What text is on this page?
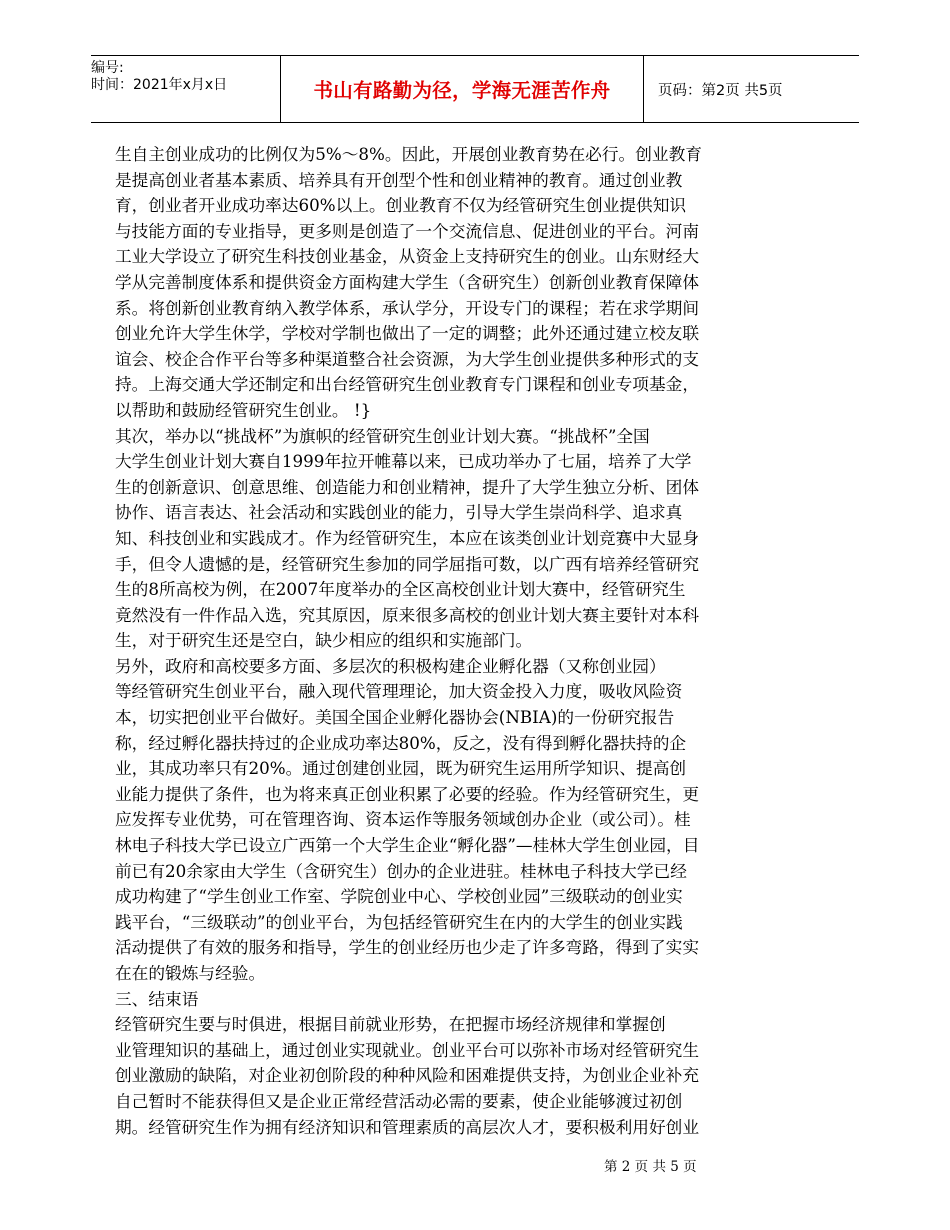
编号:
时间：2021年x月x日	书山有路勤为径，学海无涯苦作舟	页码：第2页 共5页
生自主创业成功的比例仅为5%～8%。因此，开展创业教育势在必行。创业教育
是提高创业者基本素质、培养具有开创型个性和创业精神的教育。通过创业教
育，创业者开业成功率达60%以上。创业教育不仅为经管研究生创业提供知识
与技能方面的专业指导，更多则是创造了一个交流信息、促进创业的平台。河南
工业大学设立了研究生科技创业基金，从资金上支持研究生的创业。山东财经大
学从完善制度体系和提供资金方面构建大学生（含研究生）创新创业教育保障体
系。将创新创业教育纳入教学体系，承认学分，开设专门的课程；若在求学期间
创业允许大学生休学，学校对学制也做出了一定的调整；此外还通过建立校友联
谊会、校企合作平台等多种渠道整合社会资源，为大学生创业提供多种形式的支
持。上海交通大学还制定和出台经管研究生创业教育专门课程和创业专项基金，
以帮助和鼓励经管研究生创业。 !}
其次，举办以“挑战杯”为旗帜的经管研究生创业计划大赛。“挑战杯”全国
大学生创业计划大赛自1999年拉开帷幕以来，已成功举办了七届，培养了大学
生的创新意识、创意思维、创造能力和创业精神，提升了大学生独立分析、团体
协作、语言表达、社会活动和实践创业的能力，引导大学生崇尚科学、追求真
知、科技创业和实践成才。作为经管研究生，本应在该类创业计划竞赛中大显身
手，但令人遗憾的是，经管研究生参加的同学屈指可数，以广西有培养经管研究
生的8所高校为例，在2007年度举办的全区高校创业计划大赛中，经管研究生
竟然没有一件作品入选，究其原因，原来很多高校的创业计划大赛主要针对本科
生，对于研究生还是空白，缺少相应的组织和实施部门。
另外，政府和高校要多方面、多层次的积极构建企业孵化器（又称创业园）
等经管研究生创业平台，融入现代管理理论，加大资金投入力度，吸收风险资
本，切实把创业平台做好。美国全国企业孵化器协会(NBIA)的一份研究报告
称，经过孵化器扶持过的企业成功率达80%，反之，没有得到孵化器扶持的企
业，其成功率只有20%。通过创建创业园，既为研究生运用所学知识、提高创
业能力提供了条件，也为将来真正创业积累了必要的经验。作为经管研究生，更
应发挥专业优势，可在管理咨询、资本运作等服务领域创办企业（或公司）。桂
林电子科技大学已设立广西第一个大学生企业“孵化器”—桂林大学生创业园，目
前已有20余家由大学生（含研究生）创办的企业进驻。桂林电子科技大学已经
成功构建了“学生创业工作室、学院创业中心、学校创业园”三级联动的创业实
践平台，“三级联动”的创业平台，为包括经管研究生在内的大学生的创业实践
活动提供了有效的服务和指导，学生的创业经历也少走了许多弯路，得到了实实
在在的锻炼与经验。
三、结束语
经管研究生要与时俱进，根据目前就业形势，在把握市场经济规律和掌握创
业管理知识的基础上，通过创业实现就业。创业平台可以弥补市场对经管研究生
创业激励的缺陷，对企业初创阶段的种种风险和困难提供支持，为创业企业补充
自己暂时不能获得但又是企业正常经营活动必需的要素，使企业能够渡过初创
期。经管研究生作为拥有经济知识和管理素质的高层次人才，要积极利用好创业
第 2 页 共 5 页
